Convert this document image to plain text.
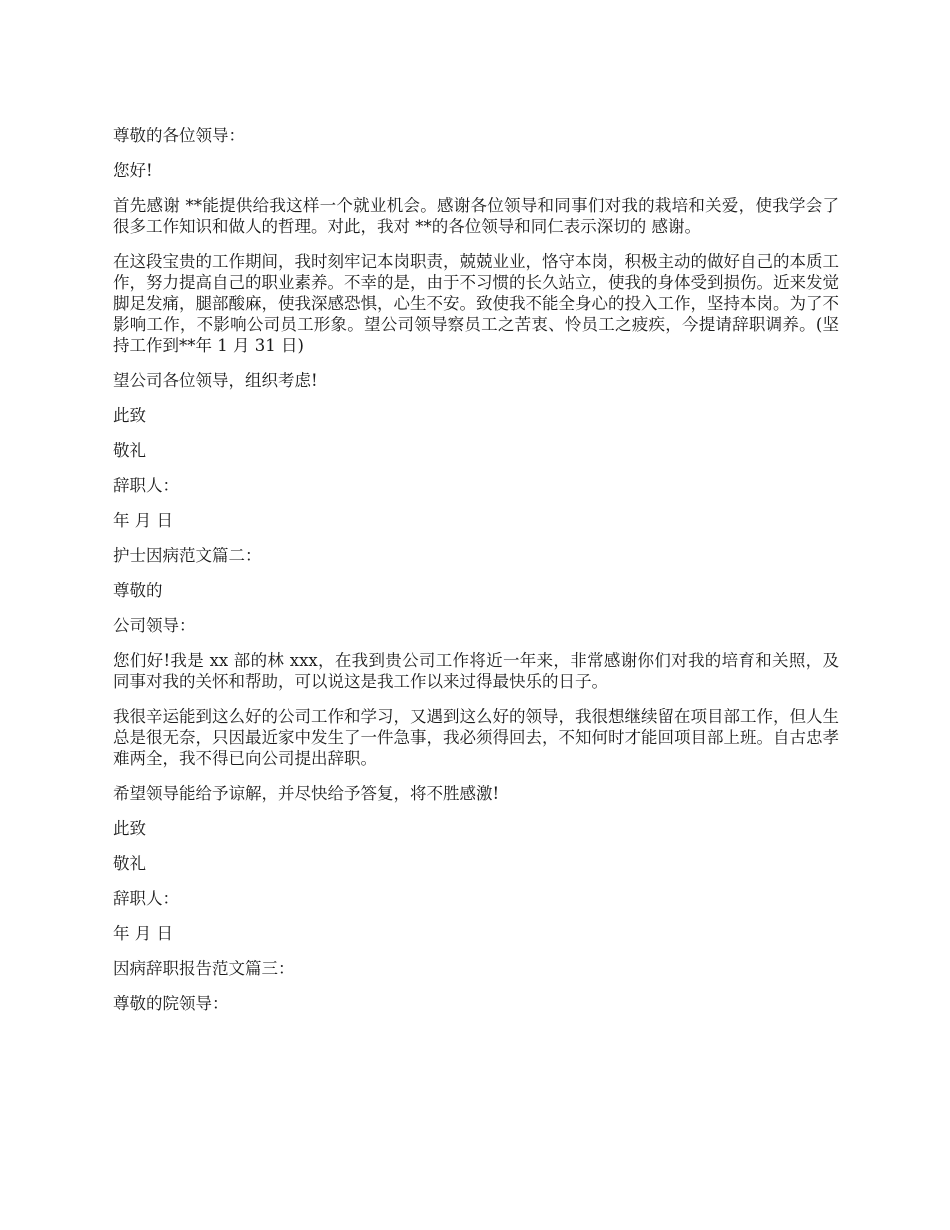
尊敬的各位领导：

您好!

首先感谢 **能提供给我这样一个就业机会。感谢各位领导和同事们对我的栽培和关爱，使我学会了很多工作知识和做人的哲理。对此，我对 **的各位领导和同仁表示深切的 感谢。

在这段宝贵的工作期间，我时刻牢记本岗职责，兢兢业业，恪守本岗，积极主动的做好自己的本质工作，努力提高自己的职业素养。不幸的是，由于不习惯的长久站立，使我的身体受到损伤。近来发觉脚足发痛，腿部酸麻，使我深感恐惧，心生不安。致使我不能全身心的投入工作，坚持本岗。为了不影响工作，不影响公司员工形象。望公司领导察员工之苦衷、怜员工之疲疾，今提请辞职调养。(坚持工作到**年 1 月 31 日)

望公司各位领导，组织考虑!

此致

敬礼

辞职人：

年 月 日

护士因病范文篇二：

尊敬的

公司领导：

您们好!我是 xx 部的林 xxx，在我到贵公司工作将近一年来，非常感谢你们对我的培育和关照，及同事对我的关怀和帮助，可以说这是我工作以来过得最快乐的日子。

我很辛运能到这么好的公司工作和学习，又遇到这么好的领导，我很想继续留在项目部工作，但人生总是很无奈，只因最近家中发生了一件急事，我必须得回去，不知何时才能回项目部上班。自古忠孝难两全，我不得已向公司提出辞职。

希望领导能给予谅解，并尽快给予答复，将不胜感激!

此致

敬礼

辞职人：

年 月 日

因病辞职报告范文篇三：

尊敬的院领导：
